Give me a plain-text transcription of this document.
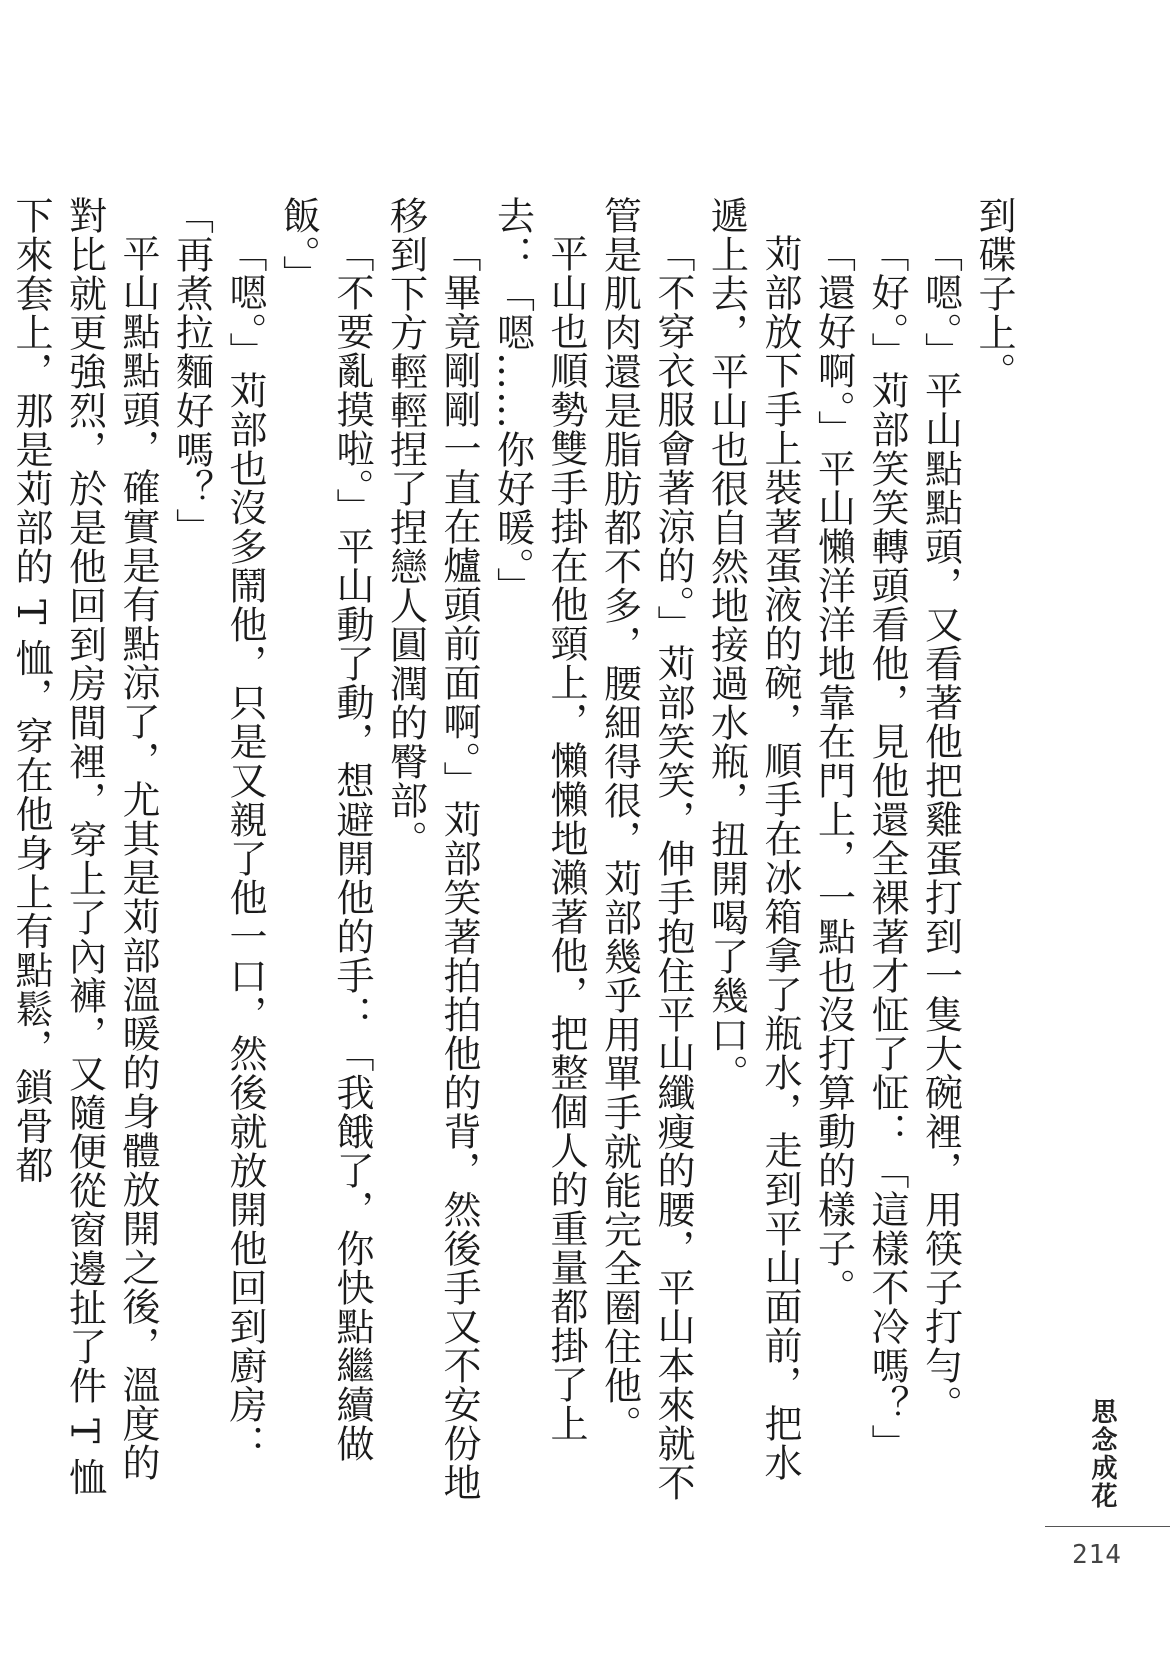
到碟子上。

「嗯。」平山點點頭，又看著他把雞蛋打到一隻大碗裡，用筷子打勻。

「好。」苅部笑笑轉頭看他，見他還全裸著才怔了怔：「這樣不冷嗎？」

「還好啊。」平山懶洋洋地靠在門上，一點也沒打算動的樣子。

苅部放下手上裝著蛋液的碗，順手在冰箱拿了瓶水，走到平山面前，把水遞上去，平山也很自然地接過水瓶，扭開喝了幾口。

「不穿衣服會著涼的。」苅部笑笑，伸手抱住平山纖瘦的腰，平山本來就不管是肌肉還是脂肪都不多，腰細得很，苅部幾乎用單手就能完全圈住他。

平山也順勢雙手掛在他頸上，懶懶地瀨著他，把整個人的重量都掛了上去：「嗯……你好暖。」

「畢竟剛剛一直在爐頭前面啊。」苅部笑著拍拍他的背，然後手又不安份地移到下方輕輕捏了捏戀人圓潤的臀部。

「不要亂摸啦。」平山動了動，想避開他的手：「我餓了，你快點繼續做飯。」

「嗯。」苅部也沒多鬧他，只是又親了他一口，然後就放開他回到廚房：「再煮拉麵好嗎？」

平山點點頭，確實是有點涼了，尤其是苅部溫暖的身體放開之後，溫度的對比就更強烈，於是他回到房間裡，穿上了內褲，又隨便從窗邊扯了件 T 恤下來套上，那是苅部的 T 恤，穿在他身上有點鬆，鎖骨都

思念成花
214
